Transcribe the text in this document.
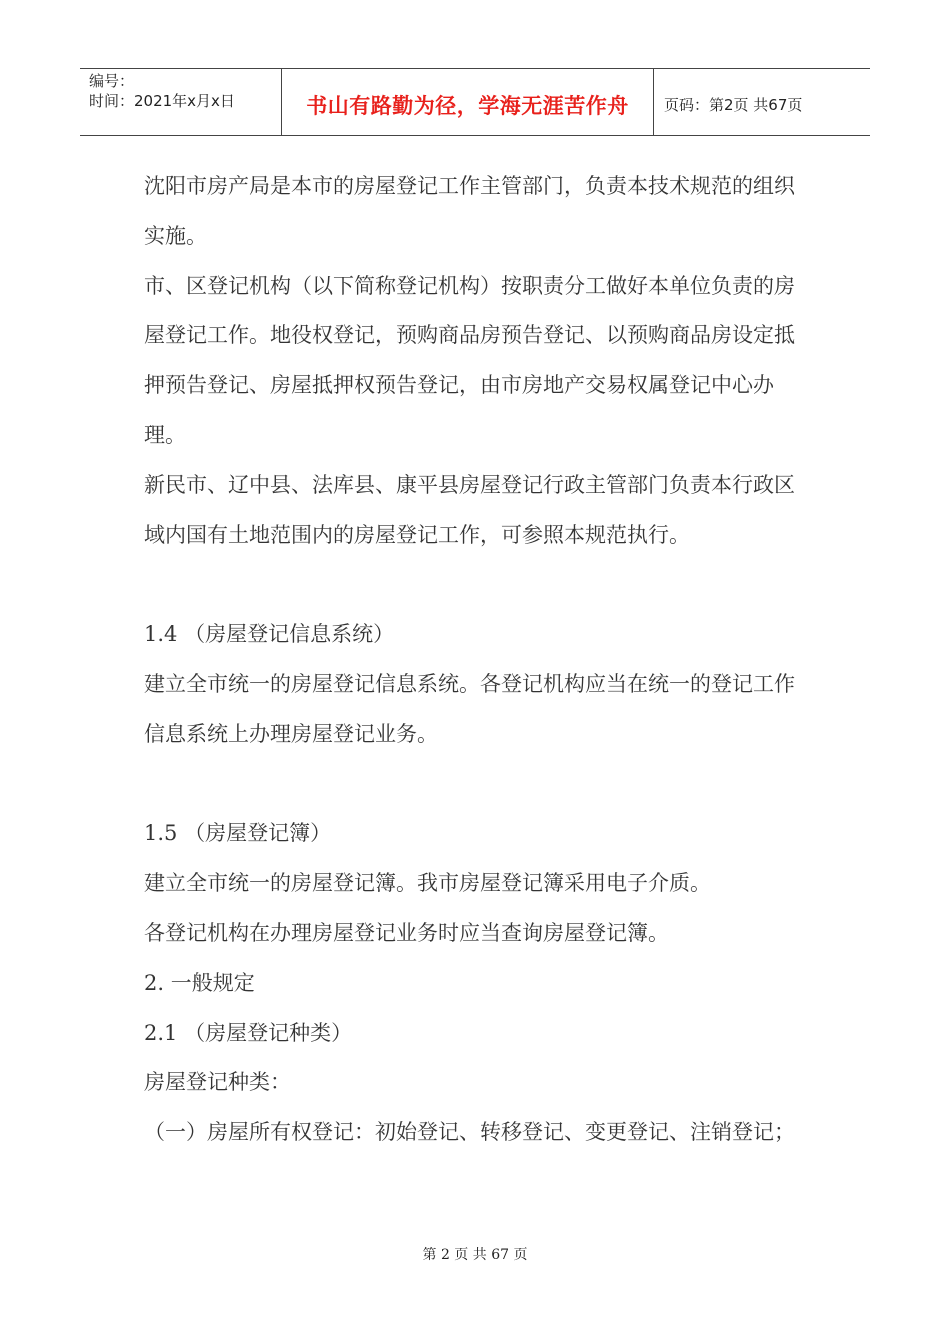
编号：
时间：2021年x月x日	书山有路勤为径，学海无涯苦作舟 页码：第2页 共67页

沈阳市房产局是本市的房屋登记工作主管部门，负责本技术规范的组织实施。

市、区登记机构（以下简称登记机构）按职责分工做好本单位负责的房屋登记工作。地役权登记，预购商品房预告登记、以预购商品房设定抵押预告登记、房屋抵押权预告登记，由市房地产交易权属登记中心办理。

新民市、辽中县、法库县、康平县房屋登记行政主管部门负责本行政区域内国有土地范围内的房屋登记工作，可参照本规范执行。

1.4 （房屋登记信息系统）

建立全市统一的房屋登记信息系统。各登记机构应当在统一的登记工作信息系统上办理房屋登记业务。

1.5 （房屋登记簿）

建立全市统一的房屋登记簿。我市房屋登记簿采用电子介质。

各登记机构在办理房屋登记业务时应当查询房屋登记簿。

2. 一般规定

2.1 （房屋登记种类）

房屋登记种类：

（一）房屋所有权登记：初始登记、转移登记、变更登记、注销登记；

第 2 页 共 67 页
